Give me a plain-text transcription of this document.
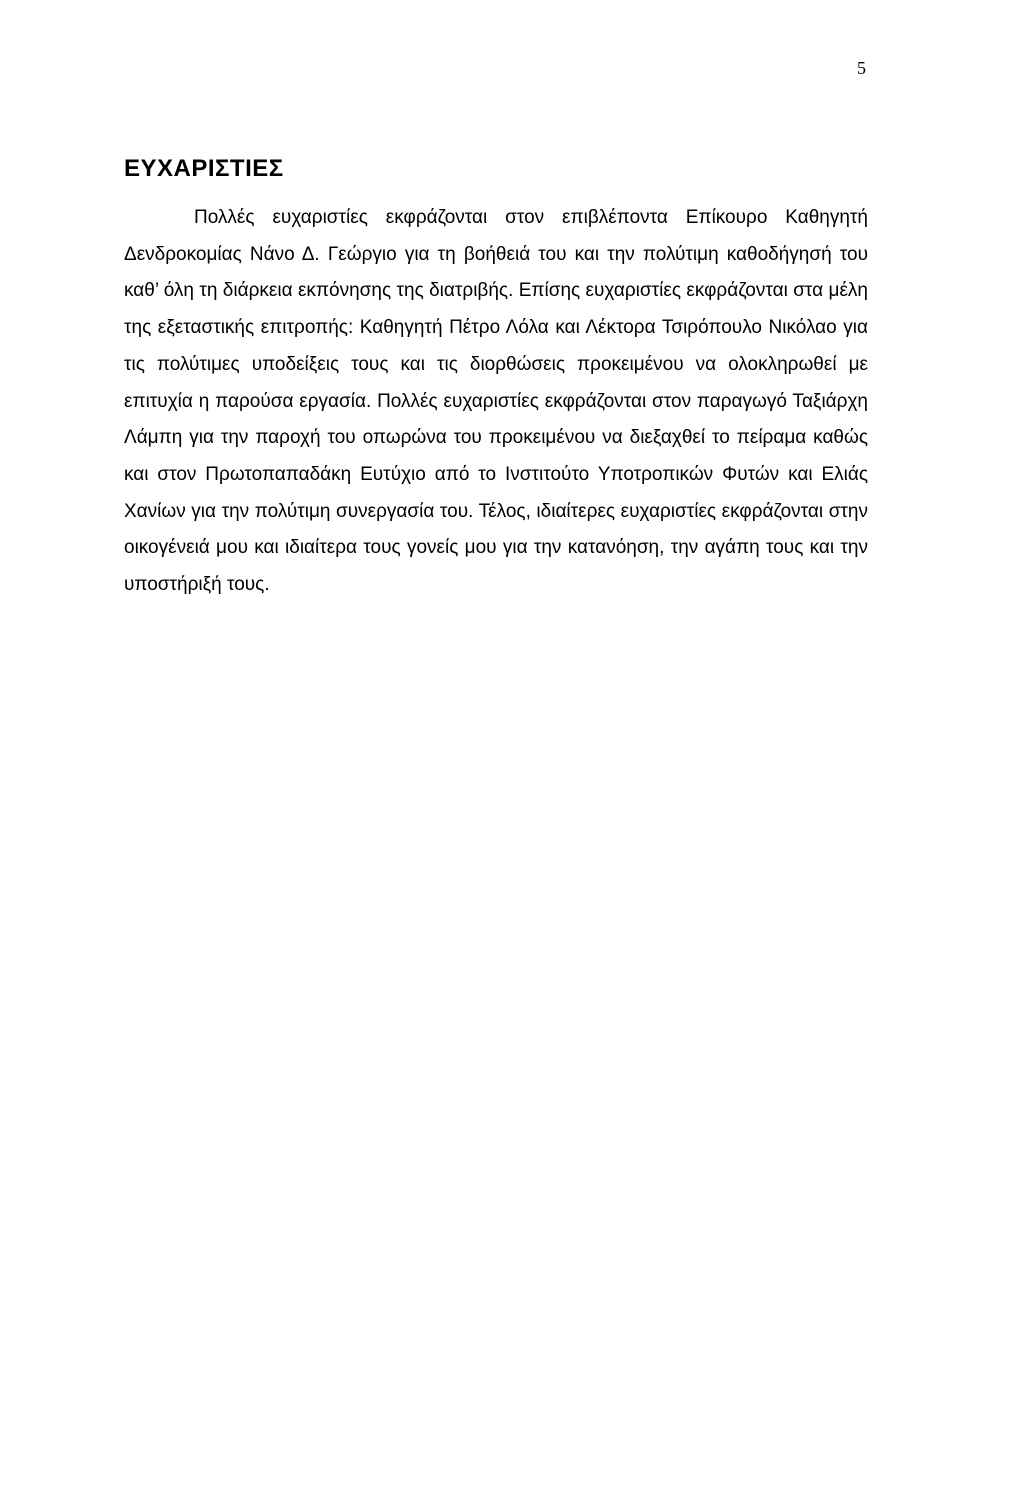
5
ΕΥΧΑΡΙΣΤΙΕΣ

Πολλές ευχαριστίες εκφράζονται στον επιβλέποντα Επίκουρο Καθηγητή Δενδροκομίας Νάνο Δ. Γεώργιο για τη βοήθειά του και την πολύτιμη καθοδήγησή του καθ’ όλη τη διάρκεια εκπόνησης της διατριβής. Επίσης ευχαριστίες εκφράζονται στα μέλη της εξεταστικής επιτροπής: Καθηγητή Πέτρο Λόλα και Λέκτορα Τσιρόπουλο Νικόλαο για τις πολύτιμες υποδείξεις τους και τις διορθώσεις προκειμένου να ολοκληρωθεί με επιτυχία η παρούσα εργασία. Πολλές ευχαριστίες εκφράζονται στον παραγωγό Ταξιάρχη Λάμπη για την παροχή του οπωρώνα του προκειμένου να διεξαχθεί το πείραμα καθώς και στον Πρωτοπαπαδάκη Ευτύχιο από το Ινστιτούτο Υποτροπικών Φυτών και Ελιάς Χανίων για την πολύτιμη συνεργασία του. Τέλος, ιδιαίτερες ευχαριστίες εκφράζονται στην οικογένειά μου και ιδιαίτερα τους γονείς μου για την κατανόηση, την αγάπη τους και την υποστήριξή τους.
